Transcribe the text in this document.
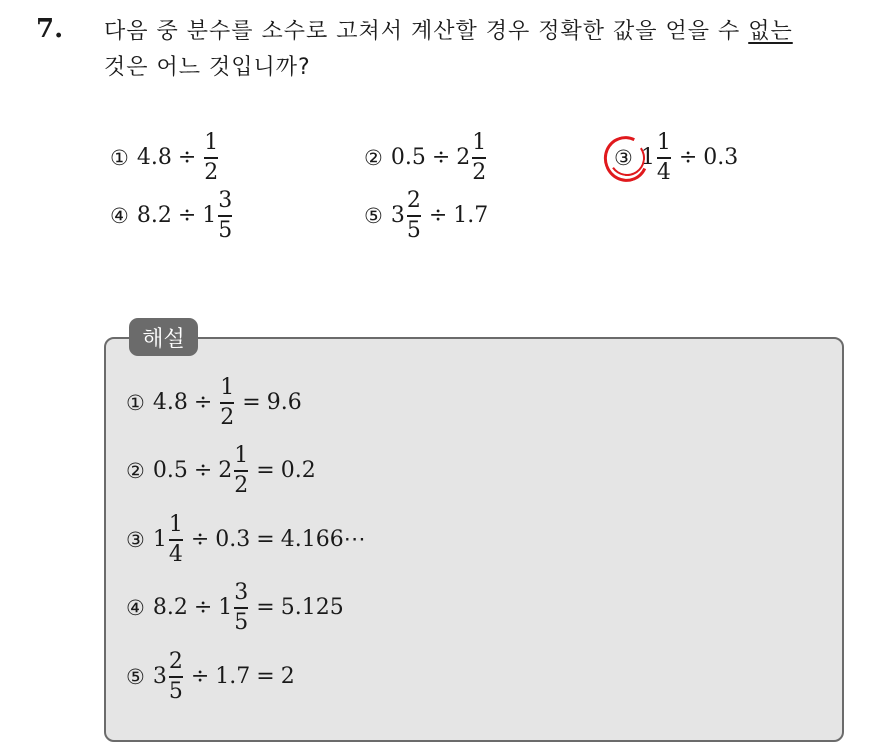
7. 다음 중 분수를 소수로 고쳐서 계산할 경우 정확한 값을 얻을 수 없는
것은 어느 것입니까?
① $4.8 \div \frac{1}{2}$	② $0.5 \div 2 \frac{1}{2}$	③ $1 \frac{1}{4} \div 0.3$
④ $8.2 \div 1 \frac{3}{5}$	⑤ $3 \frac{2}{5} \div 1.7$
해설
① $4.8 \div \frac{1}{2} = 9.6$
② $0.5 \div 2 \frac{1}{2} = 0.2$
③ $1 \frac{1}{4} \div 0.3$ = 4.166⋯
④ $8.2 \div 1 \frac{3}{5} = 5.125$
⑤ $3 \frac{2}{5} \div 1.7 = 2$
